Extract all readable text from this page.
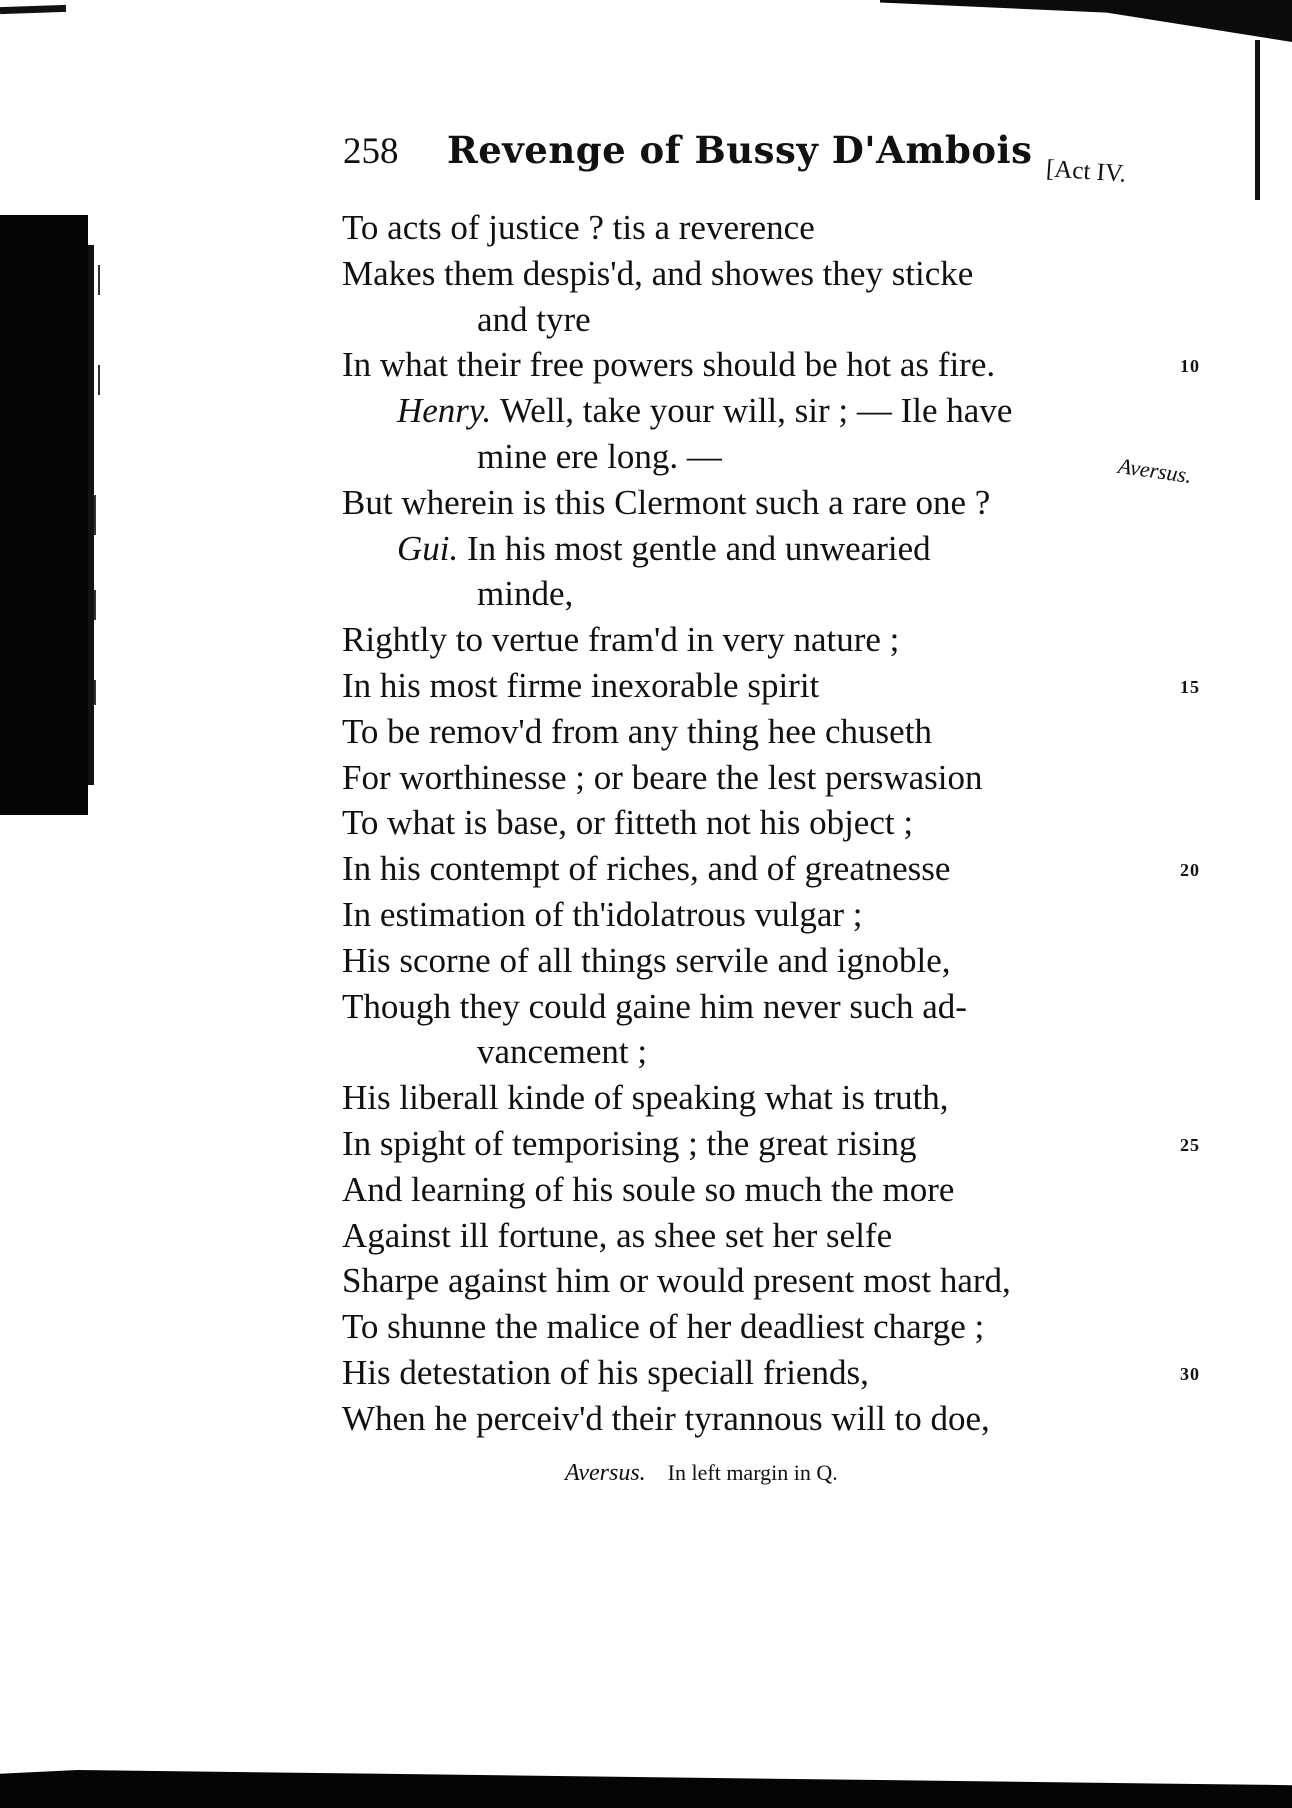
258 Revenge of Bussy D'Ambois [Act IV.
To acts of justice ? tis a reverence
Makes them despis'd, and showes they sticke
and tyre
In what their free powers should be hot as fire.	10
Henry. Well, take your will, sir ; — Ile have
mine ere long. —	Aversus.
But wherein is this Clermont such a rare one ?
Gui. In his most gentle and unwearied
minde,
Rightly to vertue fram'd in very nature ;
In his most firme inexorable spirit	15
To be remov'd from any thing hee chuseth
For worthinesse ; or beare the lest perswasion
To what is base, or fitteth not his object ;
In his contempt of riches, and of greatnesse	20
In estimation of th'idolatrous vulgar ;
His scorne of all things servile and ignoble,
Though they could gaine him never such ad-
vancement ;
His liberall kinde of speaking what is truth,
In spight of temporising ; the great rising	25
And learning of his soule so much the more
Against ill fortune, as shee set her selfe
Sharpe against him or would present most hard,
To shunne the malice of her deadliest charge ;
His detestation of his speciall friends,	30
When he perceiv'd their tyrannous will to doe,
Aversus. In left margin in Q.
